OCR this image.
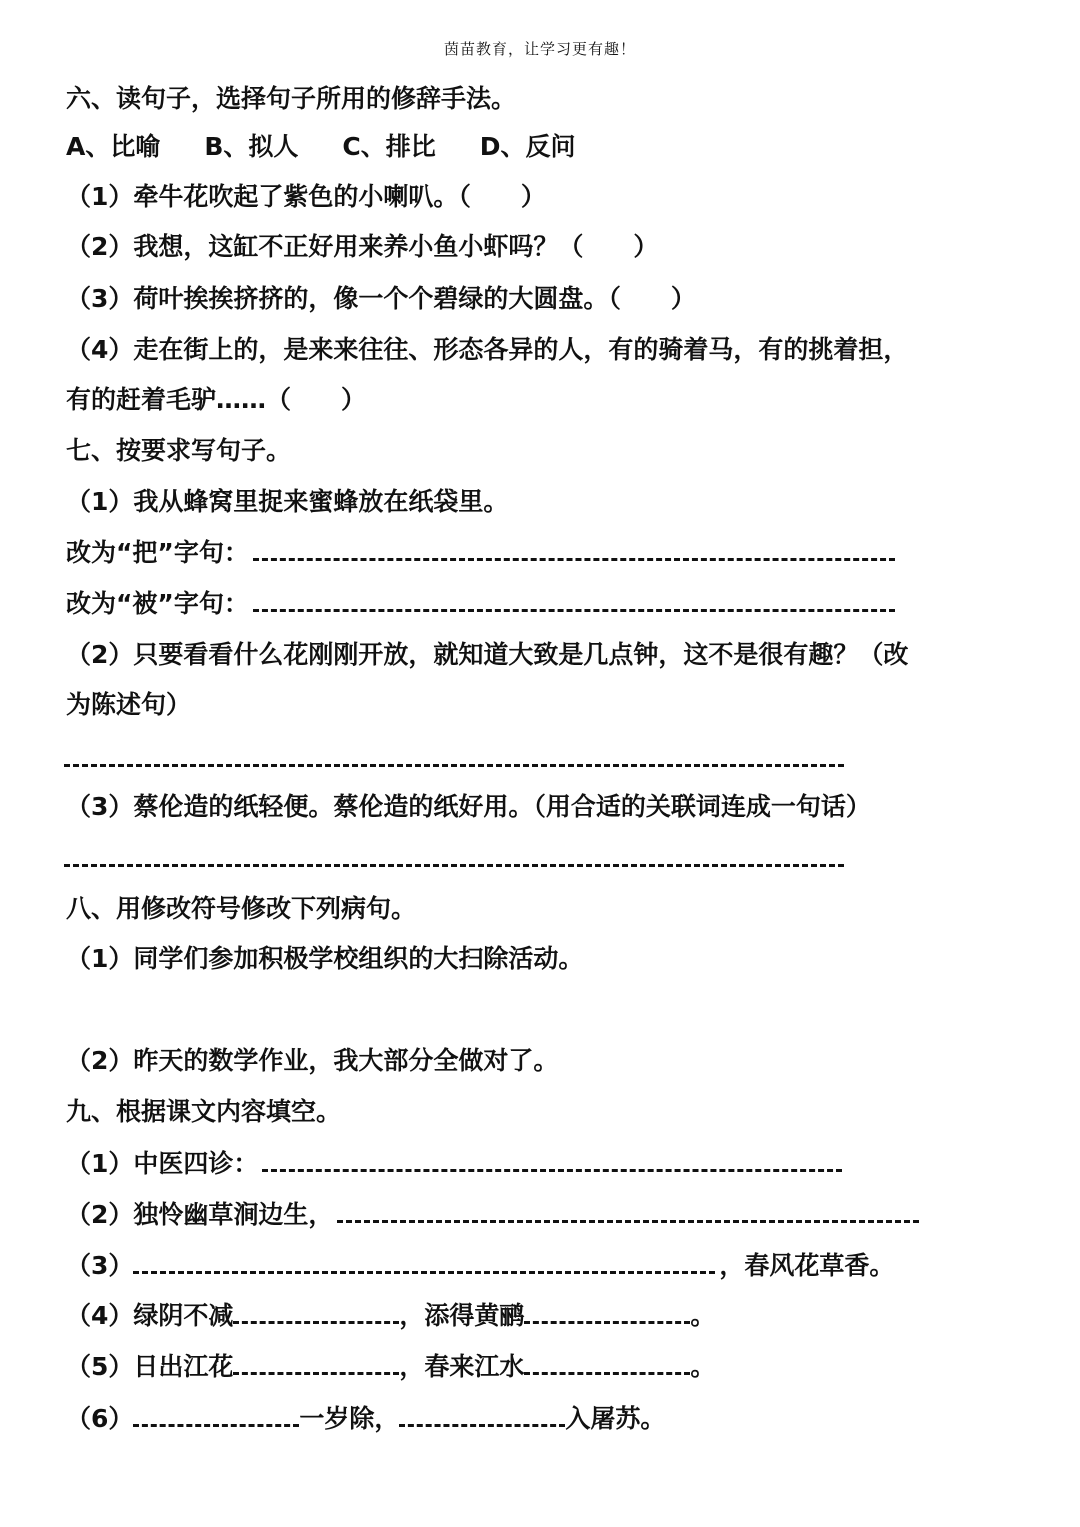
茵苗教育，让学习更有趣！
六、读句子，选择句子所用的修辞手法。
A、比喻 B、拟人 C、排比 D、反问
（1）牵牛花吹起了紫色的小喇叭。（　　）
（2）我想，这缸不正好用来养小鱼小虾吗？（　　）
（3）荷叶挨挨挤挤的，像一个个碧绿的大圆盘。（　　）
（4）走在街上的，是来来往往、形态各异的人，有的骑着马，有的挑着担，
有的赶着毛驴……（　　）
七、按要求写句子。
（1）我从蜂窝里捉来蜜蜂放在纸袋里。
改为“把”字句：
改为“被”字句：
（2）只要看看什么花刚刚开放，就知道大致是几点钟，这不是很有趣？（改
为陈述句）
（3）蔡伦造的纸轻便。蔡伦造的纸好用。（用合适的关联词连成一句话）
八、用修改符号修改下列病句。
（1）同学们参加积极学校组织的大扫除活动。
（2）昨天的数学作业，我大部分全做对了。
九、根据课文内容填空。
（1）中医四诊：
（2）独怜幽草涧边生，
（3）	，春风花草香。
（4）绿阴不减	，添得黄鹂	。
（5）日出江花	，春来江水	。
（6）	一岁除，	入屠苏。
